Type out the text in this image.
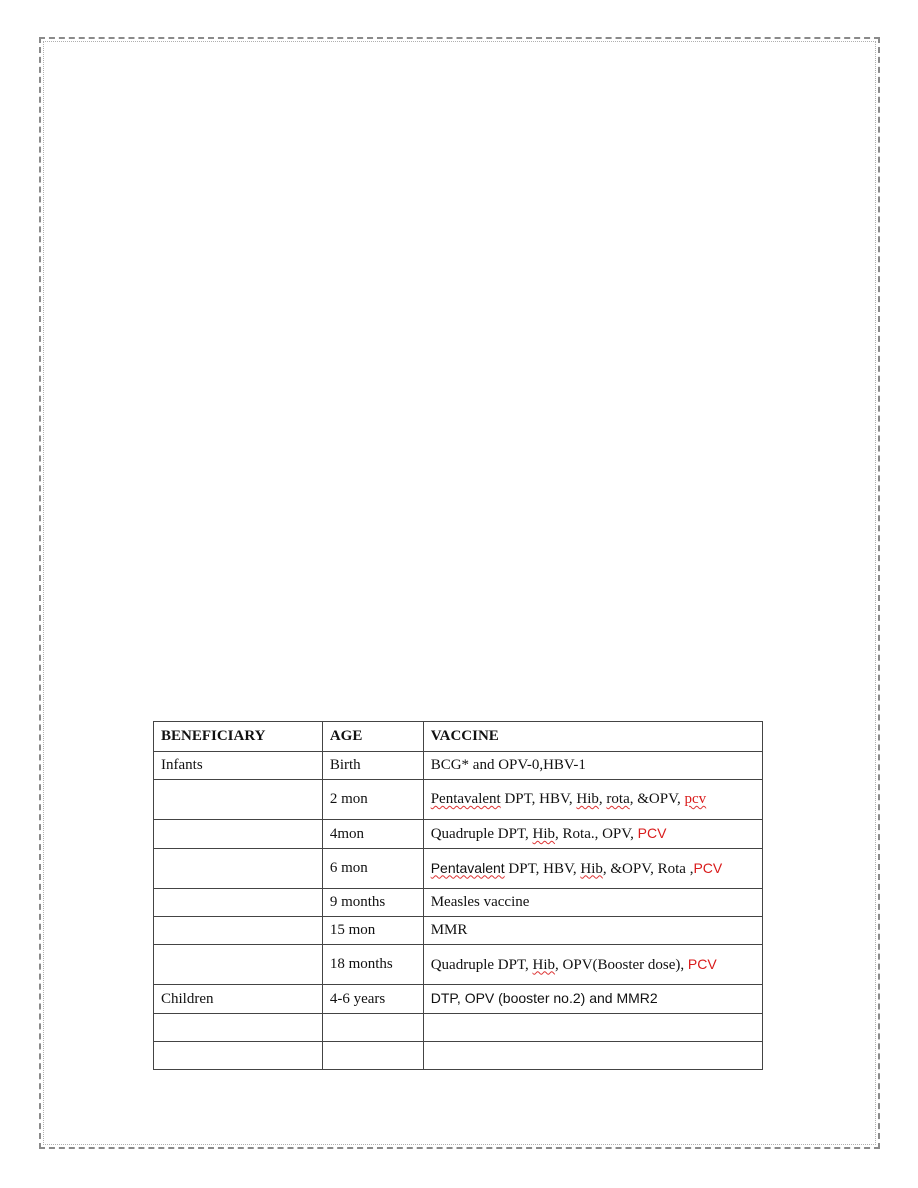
BENEFICIARY	AGE	VACCINE
Infants	Birth	BCG* and OPV-0,HBV-1
	2 mon	Pentavalent DPT, HBV, Hib, rota, &OPV, pcv
	4mon	Quadruple DPT, Hib, Rota., OPV, PCV
	6 mon	Pentavalent DPT, HBV, Hib, &OPV, Rota ,PCV
	9 months	Measles vaccine
	15 mon	MMR
	18 months	Quadruple DPT, Hib, OPV(Booster dose), PCV
Children	4-6 years	DTP, OPV (booster no.2) and MMR2
